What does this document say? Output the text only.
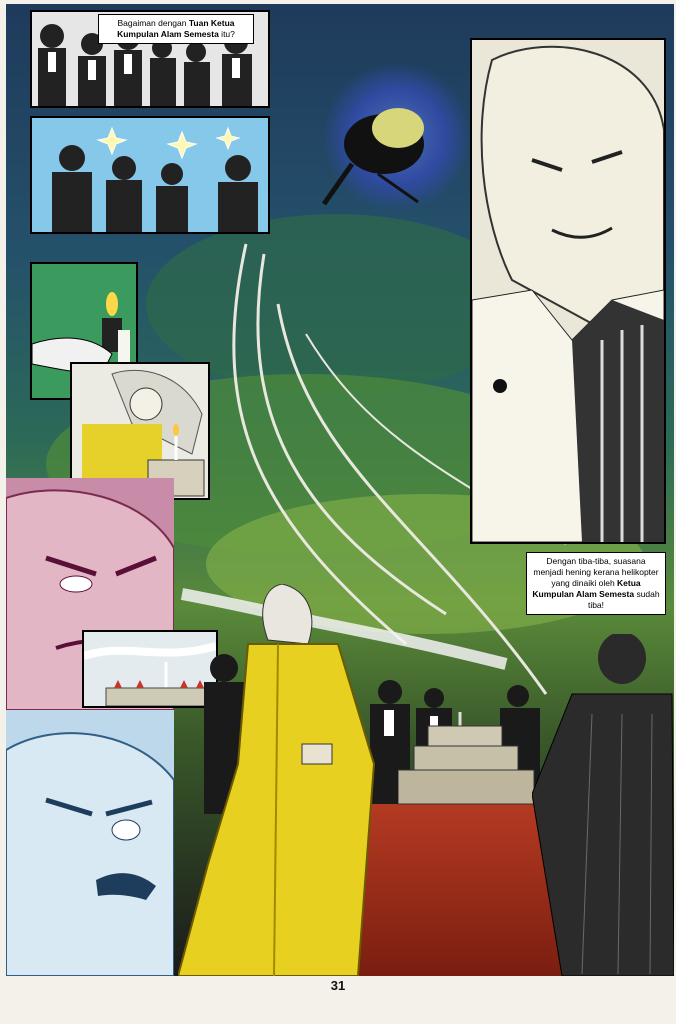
Bagaiman dengan Tuan Ketua Kumpulan Alam Semesta itu?
Dengan tiba-tiba, suasana menjadi hening kerana helikopter yang dinaiki oleh Ketua Kumpulan Alam Semesta sudah tiba!
31
